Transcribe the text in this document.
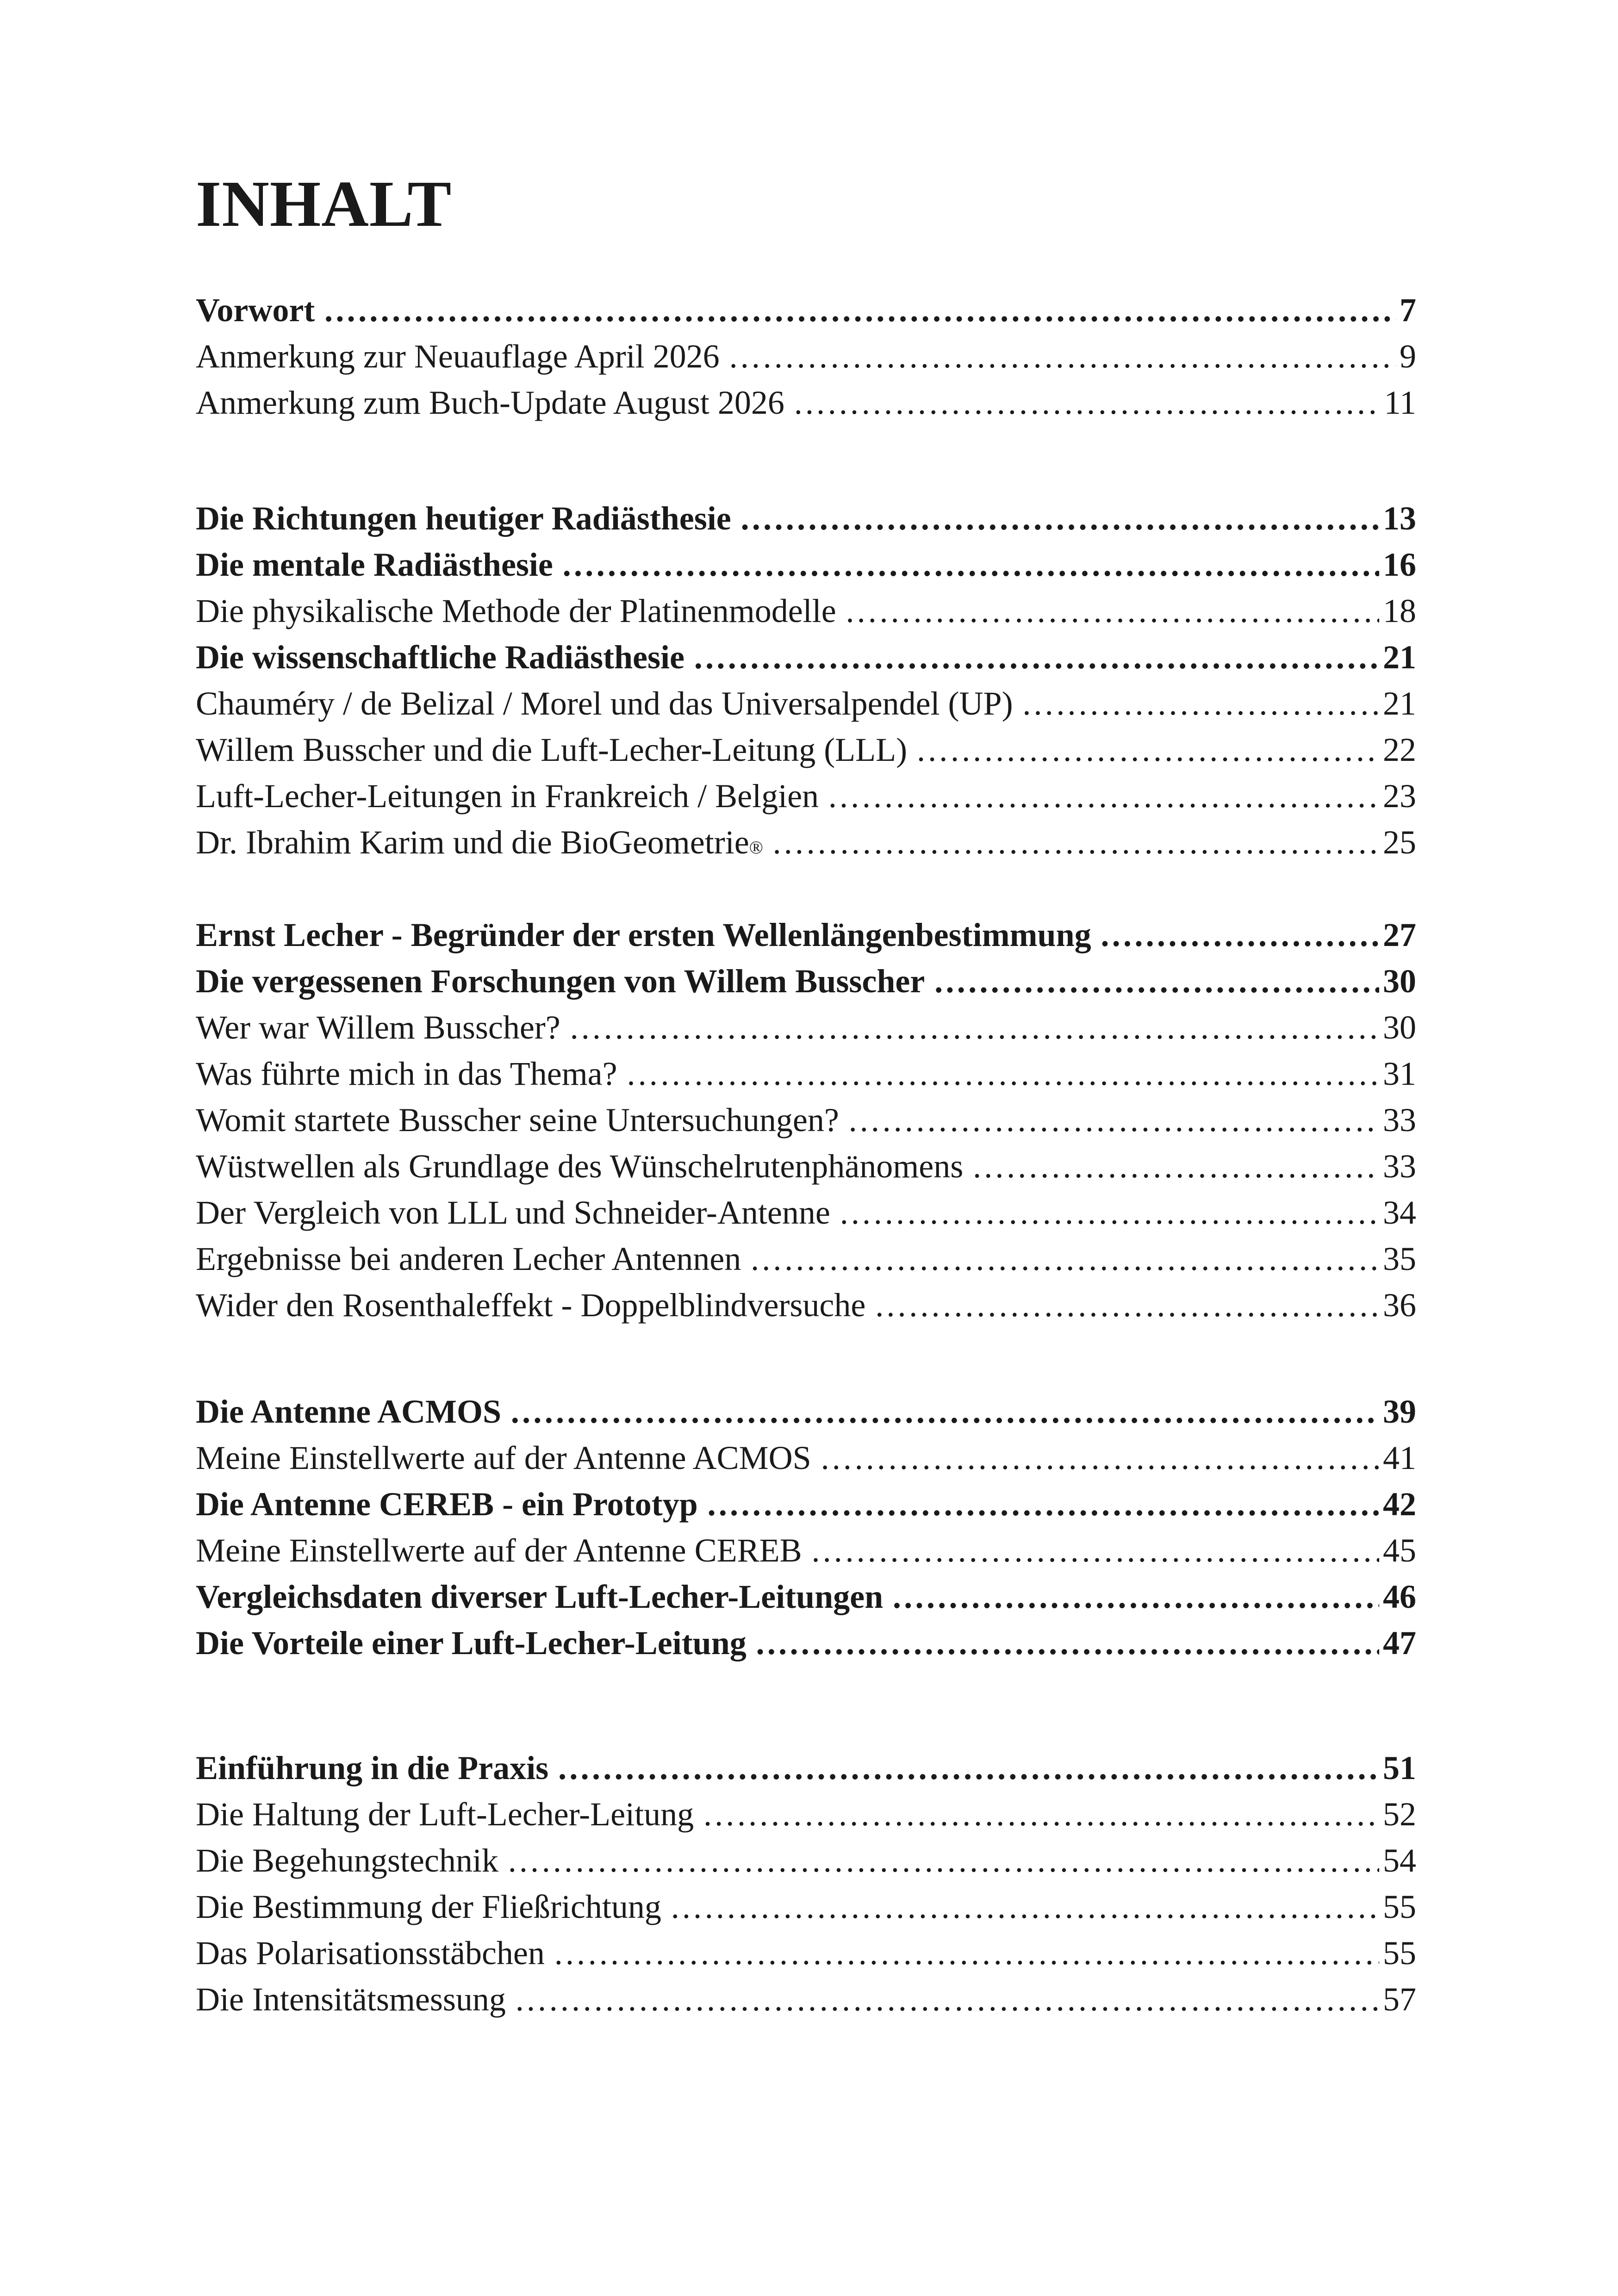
INHALT
Vorwort …………………………………………………………………………………………………………………………………………………………………………………………………………………………………………	7
Anmerkung zur Neuauflage April 2026 …………………………………………………………………………………………………………………………………………………………………………………………………………………………………………	9
Anmerkung zum Buch-Update August 2026 …………………………………………………………………………………………………………………………………………………………………………………………………………………………………………	11
Die Richtungen heutiger Radiästhesie …………………………………………………………………………………………………………………………………………………………………………………………………………………………………………	13
Die mentale Radiästhesie …………………………………………………………………………………………………………………………………………………………………………………………………………………………………………	16
Die physikalische Methode der Platinenmodelle …………………………………………………………………………………………………………………………………………………………………………………………………………………………………………	18
Die wissenschaftliche Radiästhesie …………………………………………………………………………………………………………………………………………………………………………………………………………………………………………	21
Chauméry / de Belizal / Morel und das Universalpendel (UP) …………………………………………………………………………………………………………………………………………………………………………………………………………………………………………	21
Willem Busscher und die Luft-Lecher-Leitung (LLL) …………………………………………………………………………………………………………………………………………………………………………………………………………………………………………	22
Luft-Lecher-Leitungen in Frankreich / Belgien …………………………………………………………………………………………………………………………………………………………………………………………………………………………………………	23
Dr. Ibrahim Karim und die BioGeometrie ® …………………………………………………………………………………………………………………………………………………………………………………………………………………………………………	25
Ernst Lecher - Begründer der ersten Wellenlängenbestimmung …………………………………………………………………………………………………………………………………………………………………………………………………………………………………………	27
Die vergessenen Forschungen von Willem Busscher …………………………………………………………………………………………………………………………………………………………………………………………………………………………………………	30
Wer war Willem Busscher? …………………………………………………………………………………………………………………………………………………………………………………………………………………………………………	30
Was führte mich in das Thema? …………………………………………………………………………………………………………………………………………………………………………………………………………………………………………	31
Womit startete Busscher seine Untersuchungen? …………………………………………………………………………………………………………………………………………………………………………………………………………………………………………	33
Wüstwellen als Grundlage des Wünschelrutenphänomens …………………………………………………………………………………………………………………………………………………………………………………………………………………………………………	33
Der Vergleich von LLL und Schneider-Antenne …………………………………………………………………………………………………………………………………………………………………………………………………………………………………………	34
Ergebnisse bei anderen Lecher Antennen …………………………………………………………………………………………………………………………………………………………………………………………………………………………………………	35
Wider den Rosenthaleffekt - Doppelblindversuche …………………………………………………………………………………………………………………………………………………………………………………………………………………………………………	36
Die Antenne ACMOS …………………………………………………………………………………………………………………………………………………………………………………………………………………………………………	39
Meine Einstellwerte auf der Antenne ACMOS …………………………………………………………………………………………………………………………………………………………………………………………………………………………………………	41
Die Antenne CEREB - ein Prototyp …………………………………………………………………………………………………………………………………………………………………………………………………………………………………………	42
Meine Einstellwerte auf der Antenne CEREB …………………………………………………………………………………………………………………………………………………………………………………………………………………………………………	45
Vergleichsdaten diverser Luft-Lecher-Leitungen …………………………………………………………………………………………………………………………………………………………………………………………………………………………………………	46
Die Vorteile einer Luft-Lecher-Leitung …………………………………………………………………………………………………………………………………………………………………………………………………………………………………………	47
Einführung in die Praxis …………………………………………………………………………………………………………………………………………………………………………………………………………………………………………	51
Die Haltung der Luft-Lecher-Leitung …………………………………………………………………………………………………………………………………………………………………………………………………………………………………………	52
Die Begehungstechnik …………………………………………………………………………………………………………………………………………………………………………………………………………………………………………	54
Die Bestimmung der Fließrichtung …………………………………………………………………………………………………………………………………………………………………………………………………………………………………………	55
Das Polarisationsstäbchen …………………………………………………………………………………………………………………………………………………………………………………………………………………………………………	55
Die Intensitätsmessung …………………………………………………………………………………………………………………………………………………………………………………………………………………………………………	57
